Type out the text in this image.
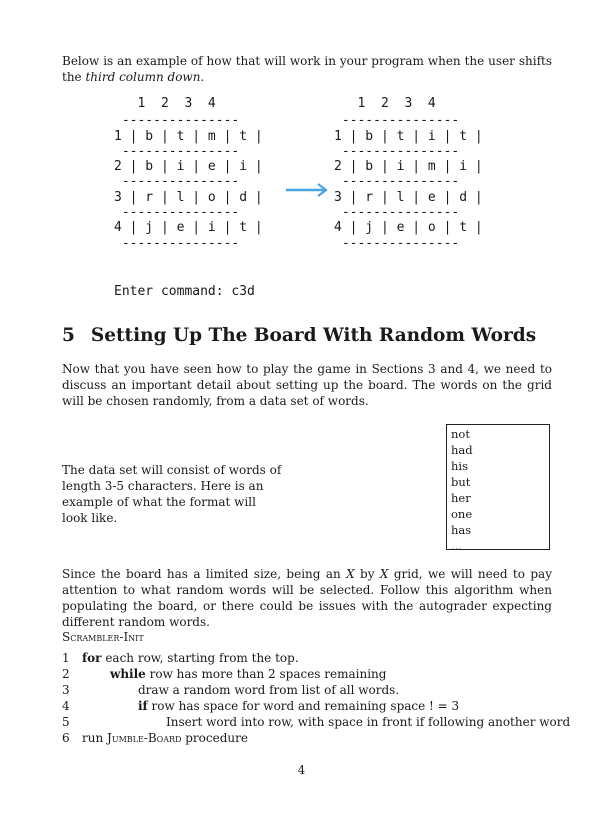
Below is an example of how that will work in your program when the user shifts the third column down.

1  2  3  4
---------------
1 | b | t | m | t |
---------------
2 | b | i | e | i |
---------------
3 | r | l | o | d |
---------------
4 | j | e | i | t |
---------------
1  2  3  4
---------------
1 | b | t | i | t |
---------------
2 | b | i | m | i |
---------------
3 | r | l | e | d |
---------------
4 | j | e | o | t |
---------------
Enter command: c3d
5 Setting Up The Board With Random Words

Now that you have seen how to play the game in Sections 3 and 4, we need to discuss an important detail about setting up the board. The words on the grid will be chosen randomly, from a data set of words.

The data set will consist of words of length 3-5 characters. Here is an example of what the format will look like.

not
had
his
but
her
one
has
...

Since the board has a limited size, being an X by X grid, we will need to pay attention to what random words will be selected. Follow this algorithm when populating the board, or there could be issues with the autograder expecting different random words.

Scrambler-Init
1 for each row, starting from the top.
2	while row has more than 2 spaces remaining
3	draw a random word from list of all words.
4	if row has space for word and remaining space ! = 3
5	Insert word into row, with space in front if following another word
6 run Jumble-Board procedure
4
